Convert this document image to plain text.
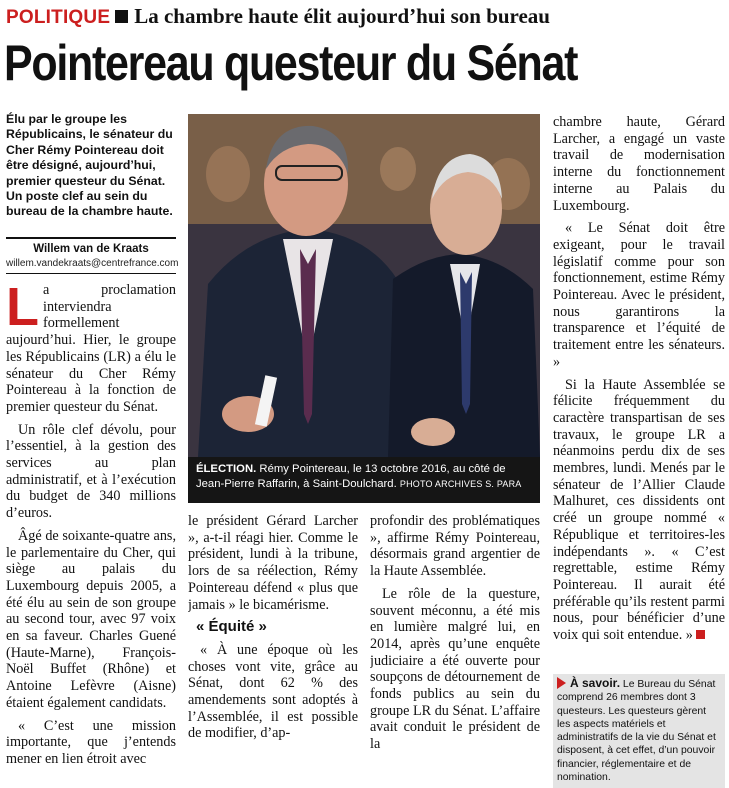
POLITIQUE La chambre haute élit aujourd’hui son bureau
Pointereau questeur du Sénat
Élu par le groupe les Républicains, le sénateur du Cher Rémy Pointereau doit être désigné, aujourd’hui, premier questeur du Sénat. Un poste clef au sein du bureau de la chambre haute.
Willem van de Kraats
willem.vandekraats@centrefrance.com

La proclamation interviendra formellement aujourd’hui. Hier, le groupe les Républicains (LR) a élu le sénateur du Cher Rémy Pointereau à la fonction de premier questeur du Sénat.

Un rôle clef dévolu, pour l’essentiel, à la gestion des services au plan administratif, et à l’exécution du budget de 340 millions d’euros.

Âgé de soixante-quatre ans, le parlementaire du Cher, qui siège au palais du Luxembourg depuis 2005, a été élu au sein de son groupe au second tour, avec 97 voix en sa faveur. Charles Guené (Haute-Marne), François-Noël Buffet (Rhône) et Antoine Lefèvre (Aisne) étaient également candidats.

« C’est une mission importante, que j’entends mener en lien étroit avec

ÉLECTION. Rémy Pointereau, le 13 octobre 2016, au côté de Jean-Pierre Raffarin, à Saint-Doulchard. PHOTO ARCHIVES S. PARA

le président Gérard Larcher », a-t-il réagi hier. Comme le président, lundi à la tribune, lors de sa réélection, Rémy Pointereau défend « plus que jamais » le bicamérisme.

« Équité »

« À une époque où les choses vont vite, grâce au Sénat, dont 62 % des amendements sont adoptés à l’Assemblée, il est possible de modifier, d’ap-

profondir des problématiques », affirme Rémy Pointereau, désormais grand argentier de la Haute Assemblée.

Le rôle de la questure, souvent méconnu, a été mis en lumière malgré lui, en 2014, après qu’une enquête judiciaire a été ouverte pour soupçons de détournement de fonds publics au sein du groupe LR du Sénat. L’affaire avait conduit le président de la

chambre haute, Gérard Larcher, a engagé un vaste travail de modernisation interne du fonctionnement interne au Palais du Luxembourg.

« Le Sénat doit être exigeant, pour le travail législatif comme pour son fonctionnement, estime Rémy Pointereau. Avec le président, nous garantirons la transparence et l’équité de traitement entre les sénateurs. »

Si la Haute Assemblée se félicite fréquemment du caractère transpartisan de ses travaux, le groupe LR a néanmoins perdu dix de ses membres, lundi. Menés par le sénateur de l’Allier Claude Malhuret, ces dissidents ont créé un groupe nommé « République et territoires-les indépendants ». « C’est regrettable, estime Rémy Pointereau. Il aurait été préférable qu’ils restent parmi nous, pour bénéficier d’une voix qui soit entendue. »

À savoir. Le Bureau du Sénat comprend 26 membres dont 3 questeurs. Les questeurs gèrent les aspects matériels et administratifs de la vie du Sénat et disposent, à cet effet, d’un pouvoir financier, réglementaire et de nomination.
